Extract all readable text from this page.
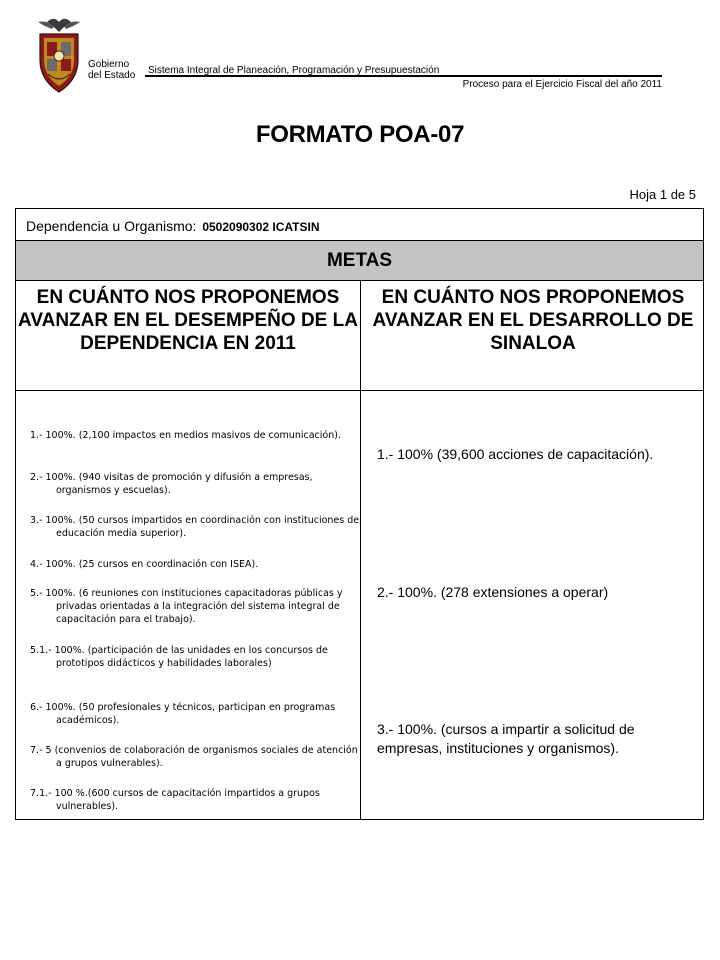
Gobierno
del Estado Sistema Integral de Planeación, Programación y Presupuestación
Proceso para el Ejercicio Fiscal del año 2011
FORMATO POA-07
Hoja 1 de 5
Dependencia u Organismo: 0502090302 ICATSIN
METAS
EN CUÁNTO NOS PROPONEMOS AVANZAR EN EL DESEMPEÑO DE LA DEPENDENCIA EN 2011
EN CUÁNTO NOS PROPONEMOS AVANZAR EN EL DESARROLLO DE SINALOA
1.- 100%. (2,100 impactos en medios masivos de comunicación).
2.- 100%. (940 visitas de promoción y difusión a empresas, organismos y escuelas).
3.- 100%. (50 cursos impartidos en coordinación con instituciones de educación media superior).
4.- 100%. (25 cursos en coordinación con ISEA).
5.- 100%. (6 reuniones con instituciones capacitadoras públicas y privadas orientadas a la integración del sistema integral de capacitación para el trabajo).
5.1.- 100%. (participación de las unidades en los concursos de prototipos didácticos y habilidades laborales)
6.- 100%. (50 profesionales y técnicos, participan en programas académicos).
7.- 5 (convenios de colaboración de organismos sociales de atención a grupos vulnerables).
7.1.- 100 %.(600 cursos de capacitación impartidos a grupos vulnerables).
1.- 100% (39,600 acciones de capacitación).
2.- 100%. (278 extensiones a operar)
3.- 100%. (cursos a impartir a solicitud de empresas, instituciones y organismos).
